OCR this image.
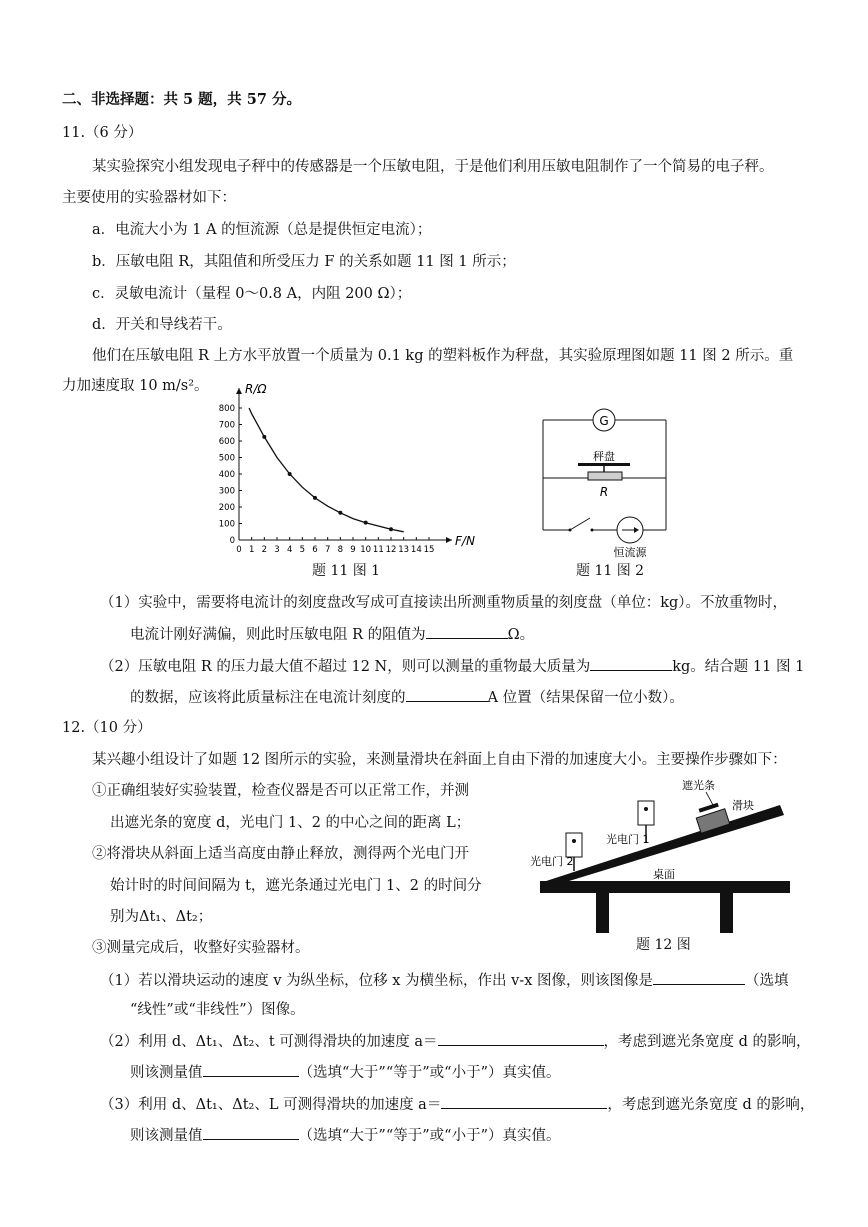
二、非选择题：共 5 题，共 57 分。
11.（6 分）
某实验探究小组发现电子秤中的传感器是一个压敏电阻，于是他们利用压敏电阻制作了一个简易的电子秤。
主要使用的实验器材如下：
a．电流大小为 1 A 的恒流源（总是提供恒定电流）；
b．压敏电阻 R，其阻值和所受压力 F 的关系如题 11 图 1 所示；
c．灵敏电流计（量程 0～0.8 A，内阻 200 Ω）；
d．开关和导线若干。
他们在压敏电阻 R 上方水平放置一个质量为 0.1 kg 的塑料板作为秤盘，其实验原理图如题 11 图 2 所示。重
力加速度取 10 m/s²。	R/Ω
F/N
0 1 2 3 4 5 6 7 8 9 10 11 12 13 14 15
0
100
200
300
400
500
600
700
800
题 11 图 1
G
秤盘
R
恒流源
题 11 图 2
（1）实验中，需要将电流计的刻度盘改写成可直接读出所测重物质量的刻度盘（单位：kg）。不放重物时，
电流计刚好满偏，则此时压敏电阻 R 的阻值为	Ω。
（2）压敏电阻 R 的压力最大值不超过 12 N，则可以测量的重物最大质量为	kg。结合题 11 图 1
的数据，应该将此质量标注在电流计刻度的	A 位置（结果保留一位小数）。
12.（10 分）
某兴趣小组设计了如题 12 图所示的实验，来测量滑块在斜面上自由下滑的加速度大小。主要操作步骤如下：
①正确组装好实验装置，检查仪器是否可以正常工作，并测
出遮光条的宽度 d，光电门 1、2 的中心之间的距离 L；
②将滑块从斜面上适当高度由静止释放，测得两个光电门开
始计时的时间间隔为 t，遮光条通过光电门 1、2 的时间分
别为Δt₁、Δt₂；
③测量完成后，收整好实验器材。
桌面
遮光条
滑块
光电门 1
光电门 2
题 12 图
（1）若以滑块运动的速度 v 为纵坐标，位移 x 为横坐标，作出 v-x 图像，则该图像是	（选填
“线性”或“非线性”）图像。
（2）利用 d、Δt₁、Δt₂、t 可测得滑块的加速度 a＝	，考虑到遮光条宽度 d 的影响，
则该测量值	（选填“大于”“等于”或“小于”）真实值。
（3）利用 d、Δt₁、Δt₂、L 可测得滑块的加速度 a＝	，考虑到遮光条宽度 d 的影响，
则该测量值	（选填“大于”“等于”或“小于”）真实值。
